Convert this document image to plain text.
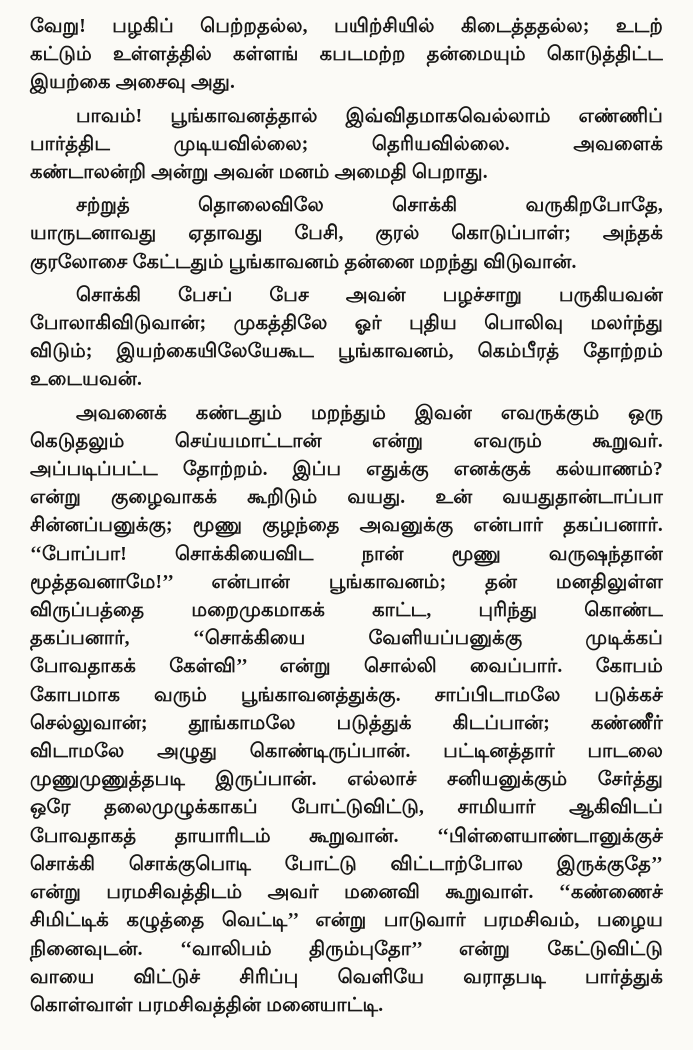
வேறு! பழகிப் பெற்றதல்ல, பயிற்சியில் கிடைத்ததல்ல; உடற்
கட்டும் உள்ளத்தில் கள்ளங் கபடமற்ற தன்மையும் கொடுத்திட்ட
இயற்கை அசைவு அது.
பாவம்! பூங்காவனத்தால் இவ்விதமாகவெல்லாம் எண்ணிப்
பார்த்திட முடியவில்லை; தெரியவில்லை. அவளைக்
கண்டாலன்றி அன்று அவன் மனம் அமைதி பெறாது.
சற்றுத் தொலைவிலே சொக்கி வருகிறபோதே,
யாருடனாவது ஏதாவது பேசி, குரல் கொடுப்பாள்; அந்தக்
குரலோசை கேட்டதும் பூங்காவனம் தன்னை மறந்து விடுவான்.
சொக்கி பேசப் பேச அவன் பழச்சாறு பருகியவன்
போலாகிவிடுவான்; முகத்திலே ஓர் புதிய பொலிவு மலர்ந்து
விடும்; இயற்கையிலேயேகூட பூங்காவனம், கெம்பீரத் தோற்றம்
உடையவன்.
அவனைக் கண்டதும் மறந்தும் இவன் எவருக்கும் ஒரு
கெடுதலும் செய்யமாட்டான் என்று எவரும் கூறுவர்.
அப்படிப்பட்ட தோற்றம். இப்ப எதுக்கு எனக்குக் கல்யாணம்?
என்று குழைவாகக் கூறிடும் வயது. உன் வயதுதான்டாப்பா
சின்னப்பனுக்கு; மூணு குழந்தை அவனுக்கு என்பார் தகப்பனார்.
‘‘போப்பா! சொக்கியைவிட நான் மூணு வருஷந்தான்
மூத்தவனாமே!’’ என்பான் பூங்காவனம்; தன் மனதிலுள்ள
விருப்பத்தை மறைமுகமாகக் காட்ட, புரிந்து கொண்ட
தகப்பனார், ‘‘சொக்கியை வேளியப்பனுக்கு முடிக்கப்
போவதாகக் கேள்வி’’ என்று சொல்லி வைப்பார். கோபம்
கோபமாக வரும் பூங்காவனத்துக்கு. சாப்பிடாமலே படுக்கச்
செல்லுவான்; தூங்காமலே படுத்துக் கிடப்பான்; கண்ணீர்
விடாமலே அழுது கொண்டிருப்பான். பட்டினத்தார் பாடலை
முணுமுணுத்தபடி இருப்பான். எல்லாச் சனியனுக்கும் சேர்த்து
ஒரே தலைமுழுக்காகப் போட்டுவிட்டு, சாமியார் ஆகிவிடப்
போவதாகத் தாயாரிடம் கூறுவான். ‘‘பிள்ளையாண்டானுக்குச்
சொக்கி சொக்குபொடி போட்டு விட்டாற்போல இருக்குதே’’
என்று பரமசிவத்திடம் அவர் மனைவி கூறுவாள். ‘‘கண்ணைச்
சிமிட்டிக் கழுத்தை வெட்டி’’ என்று பாடுவார் பரமசிவம், பழைய
நினைவுடன். ‘‘வாலிபம் திரும்புதோ’’ என்று கேட்டுவிட்டு
வாயை விட்டுச் சிரிப்பு வெளியே வராதபடி பார்த்துக்
கொள்வாள் பரமசிவத்தின் மனையாட்டி.
